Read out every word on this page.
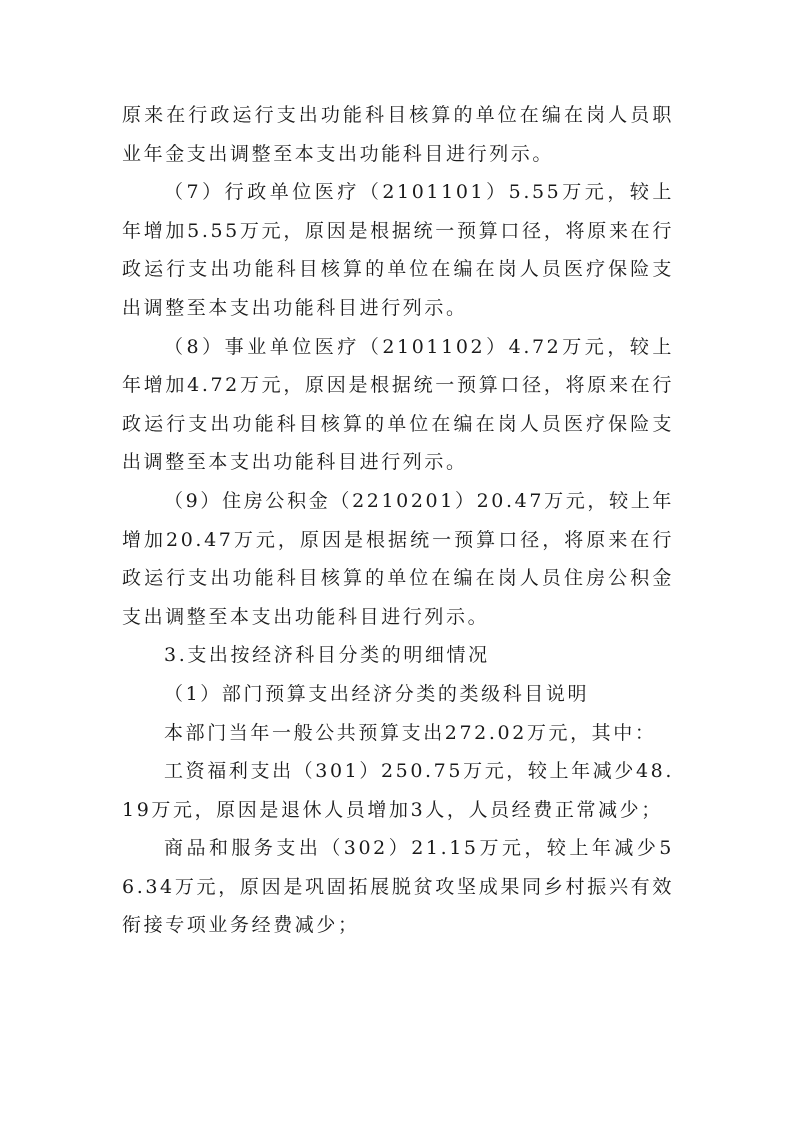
原来在行政运行支出功能科目核算的单位在编在岗人员职业年金支出调整至本支出功能科目进行列示。

（7）行政单位医疗（2101101）5.55万元，较上年增加5.55万元，原因是根据统一预算口径，将原来在行政运行支出功能科目核算的单位在编在岗人员医疗保险支出调整至本支出功能科目进行列示。

（8）事业单位医疗（2101102）4.72万元，较上年增加4.72万元，原因是根据统一预算口径，将原来在行政运行支出功能科目核算的单位在编在岗人员医疗保险支出调整至本支出功能科目进行列示。

（9）住房公积金（2210201）20.47万元，较上年增加20.47万元，原因是根据统一预算口径，将原来在行政运行支出功能科目核算的单位在编在岗人员住房公积金支出调整至本支出功能科目进行列示。

3.支出按经济科目分类的明细情况

（1）部门预算支出经济分类的类级科目说明

本部门当年一般公共预算支出272.02万元，其中：

工资福利支出（301）250.75万元，较上年减少48.19万元，原因是退休人员增加3人，人员经费正常减少；

商品和服务支出（302）21.15万元，较上年减少56.34万元，原因是巩固拓展脱贫攻坚成果同乡村振兴有效衔接专项业务经费减少；
